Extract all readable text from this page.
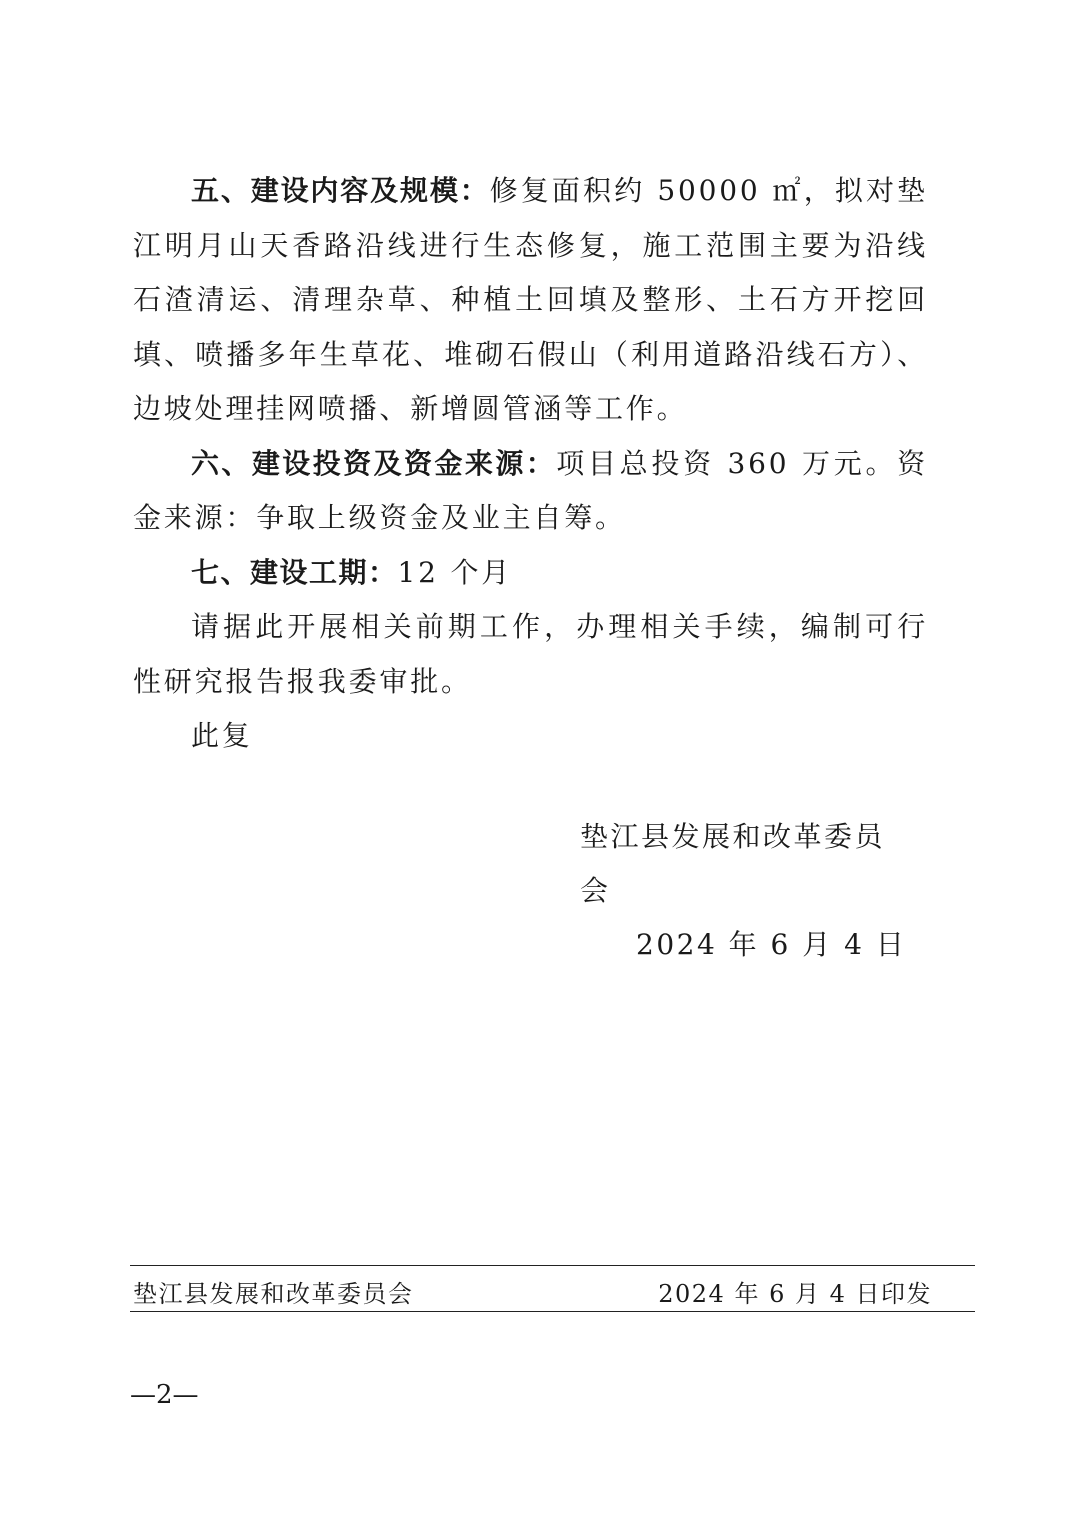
五、建设内容及规模：修复面积约 50000 ㎡，拟对垫江明月山天香路沿线进行生态修复，施工范围主要为沿线石渣清运、清理杂草、种植土回填及整形、土石方开挖回填、喷播多年生草花、堆砌石假山（利用道路沿线石方）、边坡处理挂网喷播、新增圆管涵等工作。

六、建设投资及资金来源：项目总投资 360 万元。资金来源：争取上级资金及业主自筹。

七、建设工期：12 个月

请据此开展相关前期工作，办理相关手续，编制可行性研究报告报我委审批。

此复

垫江县发展和改革委员会
2024 年 6 月 4 日
垫江县发展和改革委员会	2024 年 6 月 4 日印发
—2—
